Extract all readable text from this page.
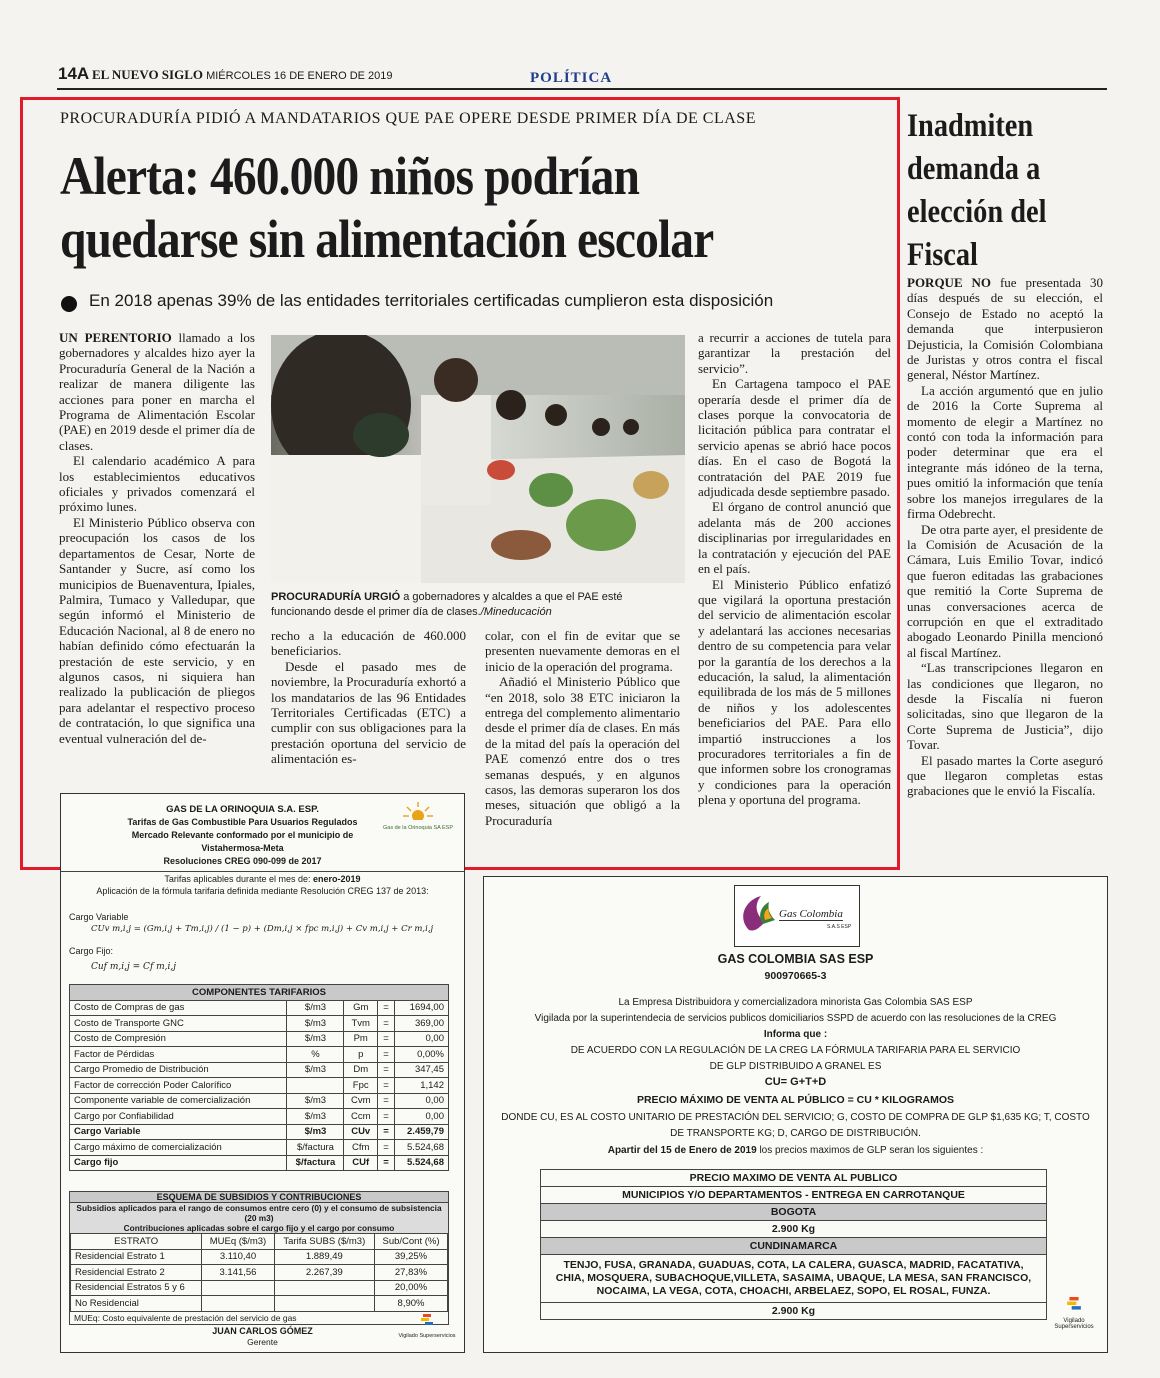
14A EL NUEVO SIGLO MIÉRCOLES 16 DE ENERO DE 2019	POLÍTICA
PROCURADURÍA PIDIÓ A MANDATARIOS QUE PAE OPERE DESDE PRIMER DÍA DE CLASE
Alerta: 460.000 niños podrían
quedarse sin alimentación escolar
En 2018 apenas 39% de las entidades territoriales certificadas cumplieron esta disposición

UN PERENTORIO llamado a los gobernadores y alcaldes hizo ayer la Procuraduría General de la Nación a realizar de manera diligente las acciones para poner en marcha el Programa de Alimentación Escolar (PAE) en 2019 desde el primer día de clases.

El calendario académico A para los establecimientos educativos oficiales y privados comenzará el próximo lunes.

El Ministerio Público observa con preocupación los casos de los departamentos de Cesar, Norte de Santander y Sucre, así como los municipios de Buenaventura, Ipiales, Palmira, Tumaco y Valledupar, que según informó el Ministerio de Educación Nacional, al 8 de enero no habían definido cómo efectuarán la prestación de este servicio, y en algunos casos, ni siquiera han realizado la publicación de pliegos para adelantar el respectivo proceso de contratación, lo que significa una eventual vulneración del de-

PROCURADURÍA URGIÓ a gobernadores y alcaldes a que el PAE esté funcionando desde el primer día de clases./Mineducación

recho a la educación de 460.000 beneficiarios.

Desde el pasado mes de noviembre, la Procuraduría exhortó a los mandatarios de las 96 Entidades Territoriales Certificadas (ETC) a cumplir con sus obligaciones para la prestación oportuna del servicio de alimentación es-

colar, con el fin de evitar que se presenten nuevamente demoras en el inicio de la operación del programa.

Añadió el Ministerio Público que “en 2018, solo 38 ETC iniciaron la entrega del complemento alimentario desde el primer día de clases. En más de la mitad del país la operación del PAE comenzó entre dos o tres semanas después, y en algunos casos, las demoras superaron los dos meses, situación que obligó a la Procuraduría

a recurrir a acciones de tutela para garantizar la prestación del servicio”.

En Cartagena tampoco el PAE operaría desde el primer día de clases porque la convocatoria de licitación pública para contratar el servicio apenas se abrió hace pocos días. En el caso de Bogotá la contratación del PAE 2019 fue adjudicada desde septiembre pasado.

El órgano de control anunció que adelanta más de 200 acciones disciplinarias por irregularidades en la contratación y ejecución del PAE en el país.

El Ministerio Público enfatizó que vigilará la oportuna prestación del servicio de alimentación escolar y adelantará las acciones necesarias dentro de su competencia para velar por la garantía de los derechos a la educación, la salud, la alimentación equilibrada de los más de 5 millones de niños y los adolescentes beneficiarios del PAE. Para ello impartió instrucciones a los procuradores territoriales a fin de que informen sobre los cronogramas y condiciones para la operación plena y oportuna del programa.

Inadmiten demanda a elección del Fiscal

PORQUE NO fue presentada 30 días después de su elección, el Consejo de Estado no aceptó la demanda que interpusieron Dejusticia, la Comisión Colombiana de Juristas y otros contra el fiscal general, Néstor Martínez.

La acción argumentó que en julio de 2016 la Corte Suprema al momento de elegir a Martínez no contó con toda la información para poder determinar que era el integrante más idóneo de la terna, pues omitió la información que tenía sobre los manejos irregulares de la firma Odebrecht.

De otra parte ayer, el presidente de la Comisión de Acusación de la Cámara, Luis Emilio Tovar, indicó que fueron editadas las grabaciones que remitió la Corte Suprema de unas conversaciones acerca de corrupción en que el extraditado abogado Leonardo Pinilla mencionó al fiscal Martínez.

“Las transcripciones llegaron en las condiciones que llegaron, no desde la Fiscalía ni fueron solicitadas, sino que llegaron de la Corte Suprema de Justicia”, dijo Tovar.

El pasado martes la Corte aseguró que llegaron completas estas grabaciones que le envió la Fiscalía.

GAS DE LA ORINOQUIA S.A. ESP.
Tarifas de Gas Combustible Para Usuarios Regulados
Mercado Relevante conformado por el municipio de
Vistahermosa-Meta
Resoluciones CREG 090-099 de 2017
Gas de la Orinoquia SA ESP
Tarifas aplicables durante el mes de: enero-2019
Aplicación de la fórmula tarifaria definida mediante Resolución CREG 137 de 2013:
Cargo Variable
CUv m,i,j = (Gm,i,j + Tm,i,j) / (1 − p) + (Dm,i,j × fpc m,i,j) + Cv m,i,j + Cr m,i,j
Cargo Fijo:
Cuf m,i,j = Cf m,i,j
COMPONENTES TARIFARIOS				
Costo de Compras de gas	$/m3	Gm	=	1694,00
Costo de Transporte GNC	$/m3	Tvm	=	369,00
Costo de Compresión	$/m3	Pm	=	0,00
Factor de Pérdidas	%	p	=	0,00%
Cargo Promedio de Distribución	$/m3	Dm	=	347,45
Factor de corrección Poder Calorífico		Fpc	=	1,142
Componente variable de comercialización	$/m3	Cvm	=	0,00
Cargo por Confiabilidad	$/m3	Ccm	=	0,00
Cargo Variable	$/m3	CUv	=	2.459,79
Cargo máximo de comercialización	$/factura	Cfm	=	5.524,68
Cargo fijo	$/factura	CUf	=	5.524,68
ESQUEMA DE SUBSIDIOS Y CONTRIBUCIONES
Subsidios aplicados para el rango de consumos entre cero (0) y el consumo de subsistencia (20 m3)
Contribuciones aplicadas sobre el cargo fijo y el cargo por consumo
ESTRATO	MUEq ($/m3)	Tarifa SUBS ($/m3)	Sub/Cont (%)
Residencial Estrato 1	3.110,40	1.889,49	39,25%
Residencial Estrato 2	3.141,56	2.267,39	27,83%
Residencial Estratos 5 y 6			20,00%
No Residencial			8,90%
MUEq: Costo equivalente de prestación del servicio de gas
JUAN CARLOS GÓMEZ
Gerente
Vigilado Superservicios
Gas Colombia
S.A.S ESP
GAS COLOMBIA SAS ESP
900970665-3
La Empresa Distribuidora y comercializadora minorista Gas Colombia SAS ESP
Vigilada por la superintendecia de servicios publicos domiciliarios SSPD de acuerdo con las resoluciones de la CREG
Informa que :
DE ACUERDO CON LA REGULACIÓN DE LA CREG LA FÓRMULA TARIFARIA PARA EL SERVICIO
DE GLP DISTRIBUIDO A GRANEL ES
CU= G+T+D
PRECIO MÁXIMO DE VENTA AL PÚBLICO = CU * KILOGRAMOS
DONDE CU, ES AL COSTO UNITARIO DE PRESTACIÓN DEL SERVICIO; G, COSTO DE COMPRA DE GLP $1,635 KG; T, COSTO
DE TRANSPORTE KG; D, CARGO DE DISTRIBUCIÓN.
Apartir del 15 de Enero de 2019 los precios maximos de GLP seran los siguientes :
PRECIO MAXIMO DE VENTA AL PUBLICO
MUNICIPIOS Y/O DEPARTAMENTOS - ENTREGA EN CARROTANQUE
BOGOTA
2.900 Kg
CUNDINAMARCA
TENJO, FUSA, GRANADA, GUADUAS, COTA, LA CALERA, GUASCA, MADRID, FACATATIVA, CHIA, MOSQUERA, SUBACHOQUE,VILLETA, SASAIMA, UBAQUE, LA MESA, SAN FRANCISCO, NOCAIMA, LA VEGA, COTA, CHOACHI, ARBELAEZ, SOPO, EL ROSAL, FUNZA.
2.900 Kg
Vigilado Superservicios
